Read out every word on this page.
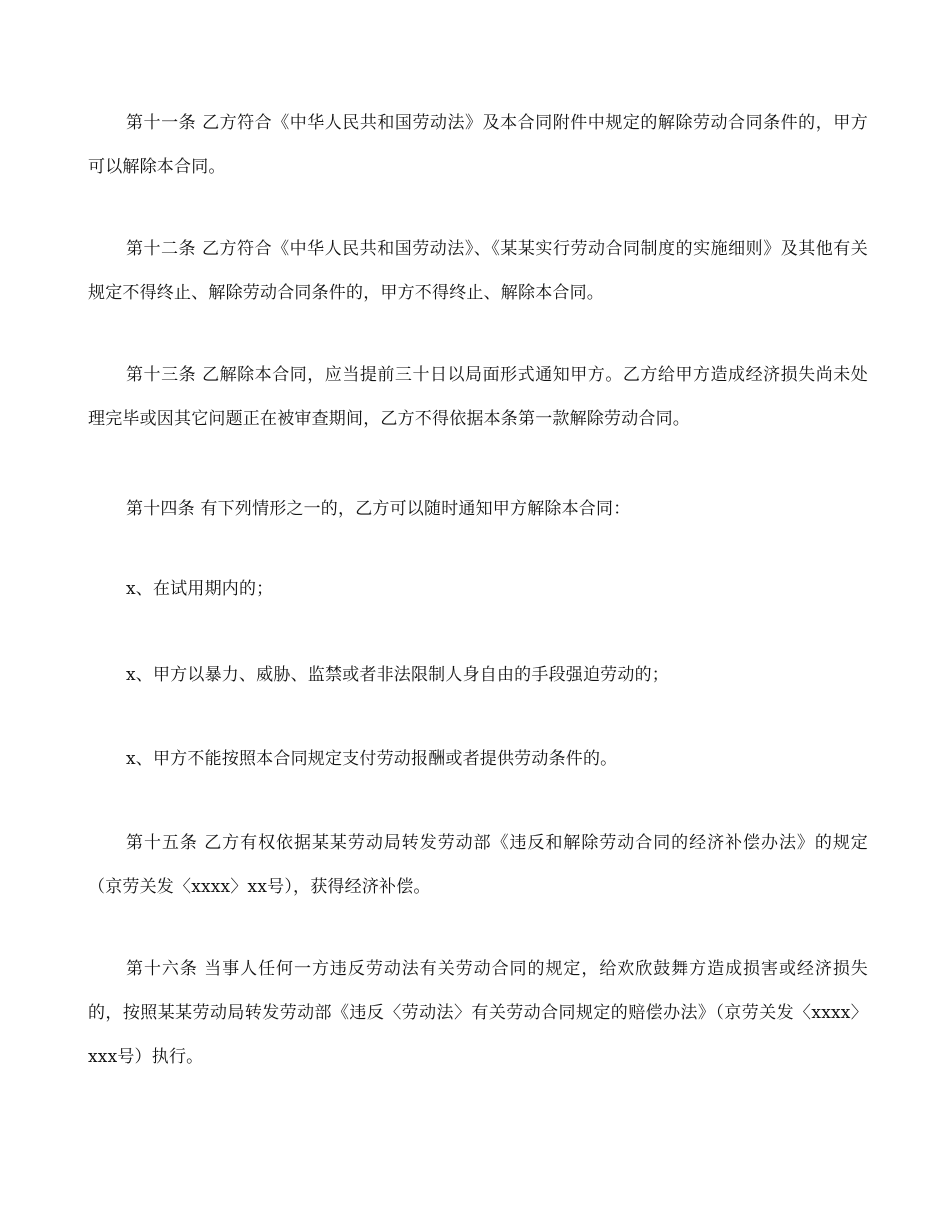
第十一条 乙方符合《中华人民共和国劳动法》及本合同附件中规定的解除劳动合同条件的，甲方可以解除本合同。

第十二条 乙方符合《中华人民共和国劳动法》、《某某实行劳动合同制度的实施细则》及其他有关规定不得终止、解除劳动合同条件的，甲方不得终止、解除本合同。

第十三条 乙解除本合同，应当提前三十日以局面形式通知甲方。乙方给甲方造成经济损失尚未处理完毕或因其它问题正在被审查期间，乙方不得依据本条第一款解除劳动合同。

第十四条 有下列情形之一的，乙方可以随时通知甲方解除本合同：

x、在试用期内的；

x、甲方以暴力、威胁、监禁或者非法限制人身自由的手段强迫劳动的；

x、甲方不能按照本合同规定支付劳动报酬或者提供劳动条件的。

第十五条 乙方有权依据某某劳动局转发劳动部《违反和解除劳动合同的经济补偿办法》的规定（京劳关发〈xxxx〉xx号），获得经济补偿。

第十六条 当事人任何一方违反劳动法有关劳动合同的规定，给欢欣鼓舞方造成损害或经济损失的，按照某某劳动局转发劳动部《违反〈劳动法〉有关劳动合同规定的赔偿办法》（京劳关发〈xxxx〉xxx号）执行。
